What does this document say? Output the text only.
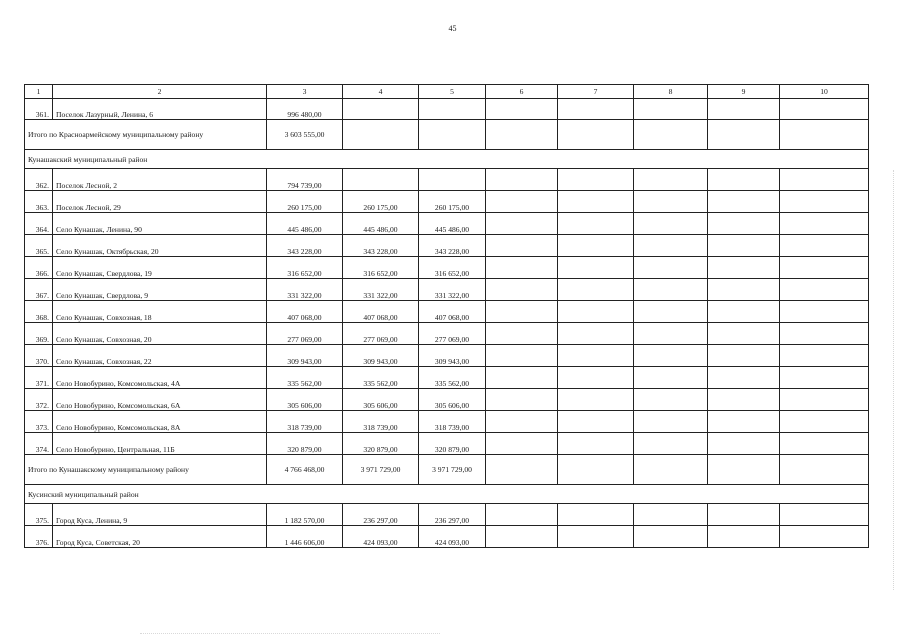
45
1	2	3	4	5	6	7	8	9	10
361.	Поселок Лазурный, Ленина, 6	996 480,00							
Итого по Красноармейскому муниципальному району		3 603 555,00							
Кунашакский муниципальный район									
362.	Поселок Лесной, 2	794 739,00							
363.	Поселок Лесной, 29	260 175,00	260 175,00	260 175,00					
364.	Село Кунашак, Ленина, 90	445 486,00	445 486,00	445 486,00					
365.	Село Кунашак, Октябрьская, 20	343 228,00	343 228,00	343 228,00					
366.	Село Кунашак, Свердлова, 19	316 652,00	316 652,00	316 652,00					
367.	Село Кунашак, Свердлова, 9	331 322,00	331 322,00	331 322,00					
368.	Село Кунашак, Совхозная, 18	407 068,00	407 068,00	407 068,00					
369.	Село Кунашак, Совхозная, 20	277 069,00	277 069,00	277 069,00					
370.	Село Кунашак, Совхозная, 22	309 943,00	309 943,00	309 943,00					
371.	Село Новобурино, Комсомольская, 4А	335 562,00	335 562,00	335 562,00					
372.	Село Новобурино, Комсомольская, 6А	305 606,00	305 606,00	305 606,00					
373.	Село Новобурино, Комсомольская, 8А	318 739,00	318 739,00	318 739,00					
374.	Село Новобурино, Центральная, 11Б	320 879,00	320 879,00	320 879,00					
Итого по Кунашакскому муниципальному району		4 766 468,00	3 971 729,00	3 971 729,00					
Кусинский муниципальный район									
375.	Город Куса, Ленина, 9	1 182 570,00	236 297,00	236 297,00					
376.	Город Куса, Советская, 20	1 446 606,00	424 093,00	424 093,00					
